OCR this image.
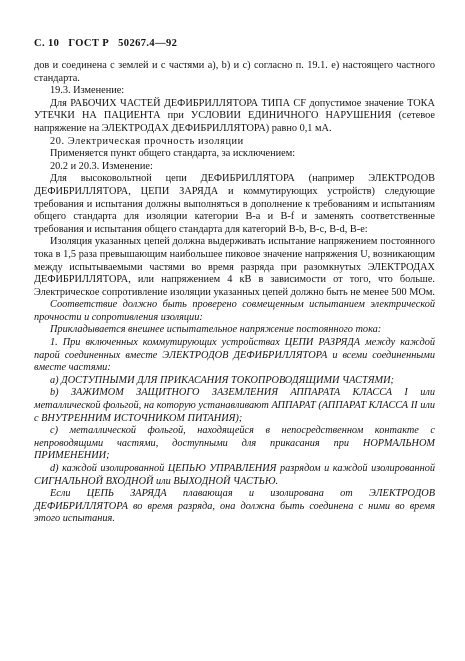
С. 10 ГОСТ Р 50267.4—92

дов и соединена с землей и с частями a), b) и c) согласно п. 19.1. е) настоящего частного стандарта.

19.3. Изменение:

Для РАБОЧИХ ЧАСТЕЙ ДЕФИБРИЛЛЯТОРА ТИПА CF допустимое значение ТОКА УТЕЧКИ НА ПАЦИЕНТА при УСЛОВИИ ЕДИНИЧНОГО НАРУШЕНИЯ (сетевое напряжение на ЭЛЕКТРОДАХ ДЕФИБРИЛЛЯТОРА) равно 0,1 мА.

20. Электрическая прочность изоляции

Применяется пункт общего стандарта, за исключением:

20.2 и 20.3. Изменение:

Для высоковольтной цепи ДЕФИБРИЛЛЯТОРА (например ЭЛЕКТРОДОВ ДЕФИБРИЛЛЯТОРА, ЦЕПИ ЗАРЯДА и коммутирующих устройств) следующие требования и испытания должны выполняться в дополнение к требованиям и испытаниям общего стандарта для изоляции категории B-a и B-f и заменять соответственные требования и испытания общего стандарта для категорий B-b, B-c, B-d, B-e:

Изоляция указанных цепей должна выдерживать испытание напряжением постоянного тока в 1,5 раза превышающим наибольшее пиковое значение напряжения U, возникающим между испытываемыми частями во время разряда при разомкнутых ЭЛЕКТРОДАХ ДЕФИБРИЛЛЯТОРА, или напряжением 4 кВ в зависимости от того, что больше. Электрическое сопротивление изоляции указанных цепей должно быть не менее 500 МОм.

Соответствие должно быть проверено совмещенным испытанием электрической прочности и сопротивления изоляции:

Прикладывается внешнее испытательное напряжение постоянного тока:

1. При включенных коммутирующих устройствах ЦЕПИ РАЗРЯДА между каждой парой соединенных вместе ЭЛЕКТРОДОВ ДЕФИБРИЛЛЯТОРА и всеми соединенными вместе частями:

a) ДОСТУПНЫМИ ДЛЯ ПРИКАСАНИЯ ТОКОПРОВОДЯЩИМИ ЧАСТЯМИ;

b) ЗАЖИМОМ ЗАЩИТНОГО ЗАЗЕМЛЕНИЯ АППАРАТА КЛАССА I или металлической фольгой, на которую устанавливают АППАРАТ (АППАРАТ КЛАССА II или с ВНУТРЕННИМ ИСТОЧНИКОМ ПИТАНИЯ);

c) металлической фольгой, находящейся в непосредственном контакте с непроводящими частями, доступными для прикасания при НОРМАЛЬНОМ ПРИМЕНЕНИИ;

d) каждой изолированной ЦЕПЬЮ УПРАВЛЕНИЯ разрядом и каждой изолированной СИГНАЛЬНОЙ ВХОДНОЙ или ВЫХОДНОЙ ЧАСТЬЮ.

Если ЦЕПЬ ЗАРЯДА плавающая и изолирована от ЭЛЕКТРОДОВ ДЕФИБРИЛЛЯТОРА во время разряда, она должна быть соединена с ними во время этого испытания.
